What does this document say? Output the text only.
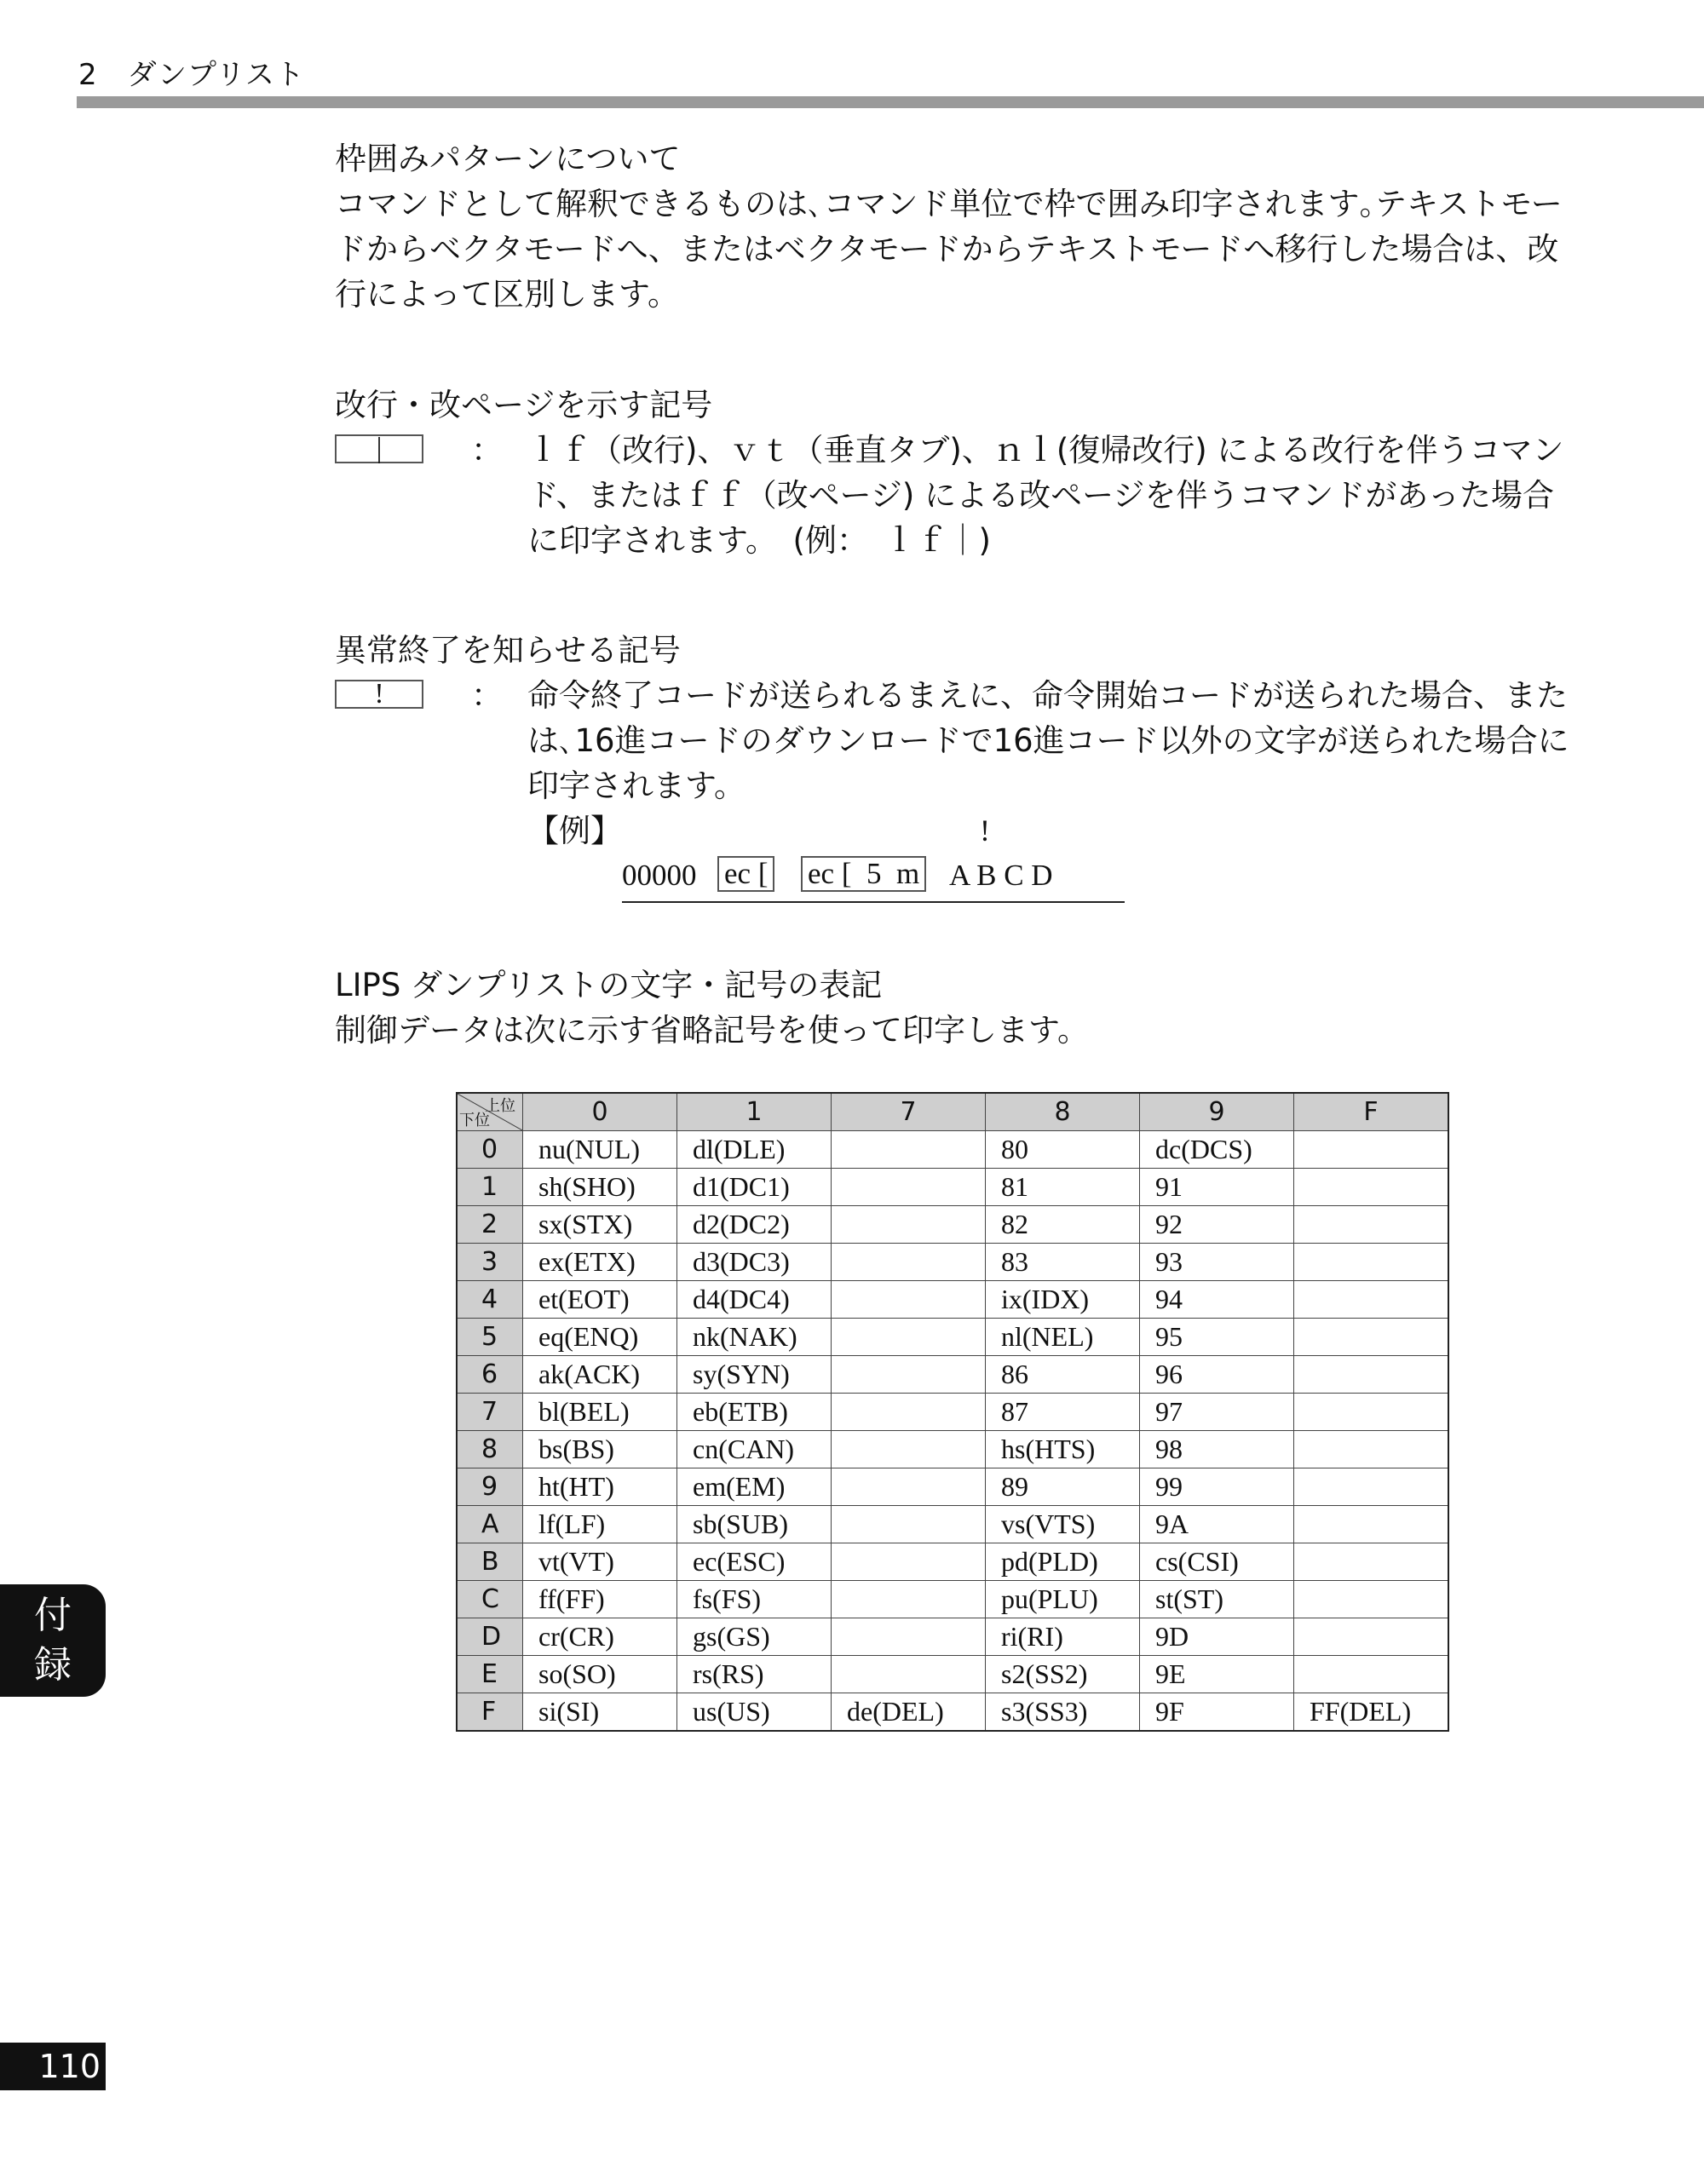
2　ダンプリスト

枠囲みパターンについて

コマンドとして解釈できるものは､コマンド単位で枠で囲み印字されます｡テキストモードからベクタモードへ、またはベクタモードからテキストモードへ移行した場合は、改行によって区別します。

改行・改ページを示す記号

|	： ｌｆ（改行)、ｖｔ（垂直タブ)、ｎｌ(復帰改行) による改行を伴うコマンド、またはｆｆ（改ページ) による改ページを伴うコマンドがあった場合に印字されます。　(例：　ｌｆ｜)

異常終了を知らせる記号

!	： 命令終了コードが送られるまえに、命令開始コードが送られた場合、または､16進コードのダウンロードで16進コード以外の文字が送られた場合に印字されます。
【例】	!
00000 ec [ ec [  5  m A B C D

LIPS ダンプリストの文字・記号の表記

制御データは次に示す省略記号を使って印字します。

上位
下位	0	1	7	8	9	F
0	nu(NUL)	dl(DLE)		80	dc(DCS)	
1	sh(SHO)	d1(DC1)		81	91	
2	sx(STX)	d2(DC2)		82	92	
3	ex(ETX)	d3(DC3)		83	93	
4	et(EOT)	d4(DC4)		ix(IDX)	94	
5	eq(ENQ)	nk(NAK)		nl(NEL)	95	
6	ak(ACK)	sy(SYN)		86	96	
7	bl(BEL)	eb(ETB)		87	97	
8	bs(BS)	cn(CAN)		hs(HTS)	98	
9	ht(HT)	em(EM)		89	99	
A	lf(LF)	sb(SUB)		vs(VTS)	9A	
B	vt(VT)	ec(ESC)		pd(PLD)	cs(CSI)	
C	ff(FF)	fs(FS)		pu(PLU)	st(ST)	
D	cr(CR)	gs(GS)		ri(RI)	9D	
E	so(SO)	rs(RS)		s2(SS2)	9E	
F	si(SI)	us(US)	de(DEL)	s3(SS3)	9F	FF(DEL)
付
録
110
